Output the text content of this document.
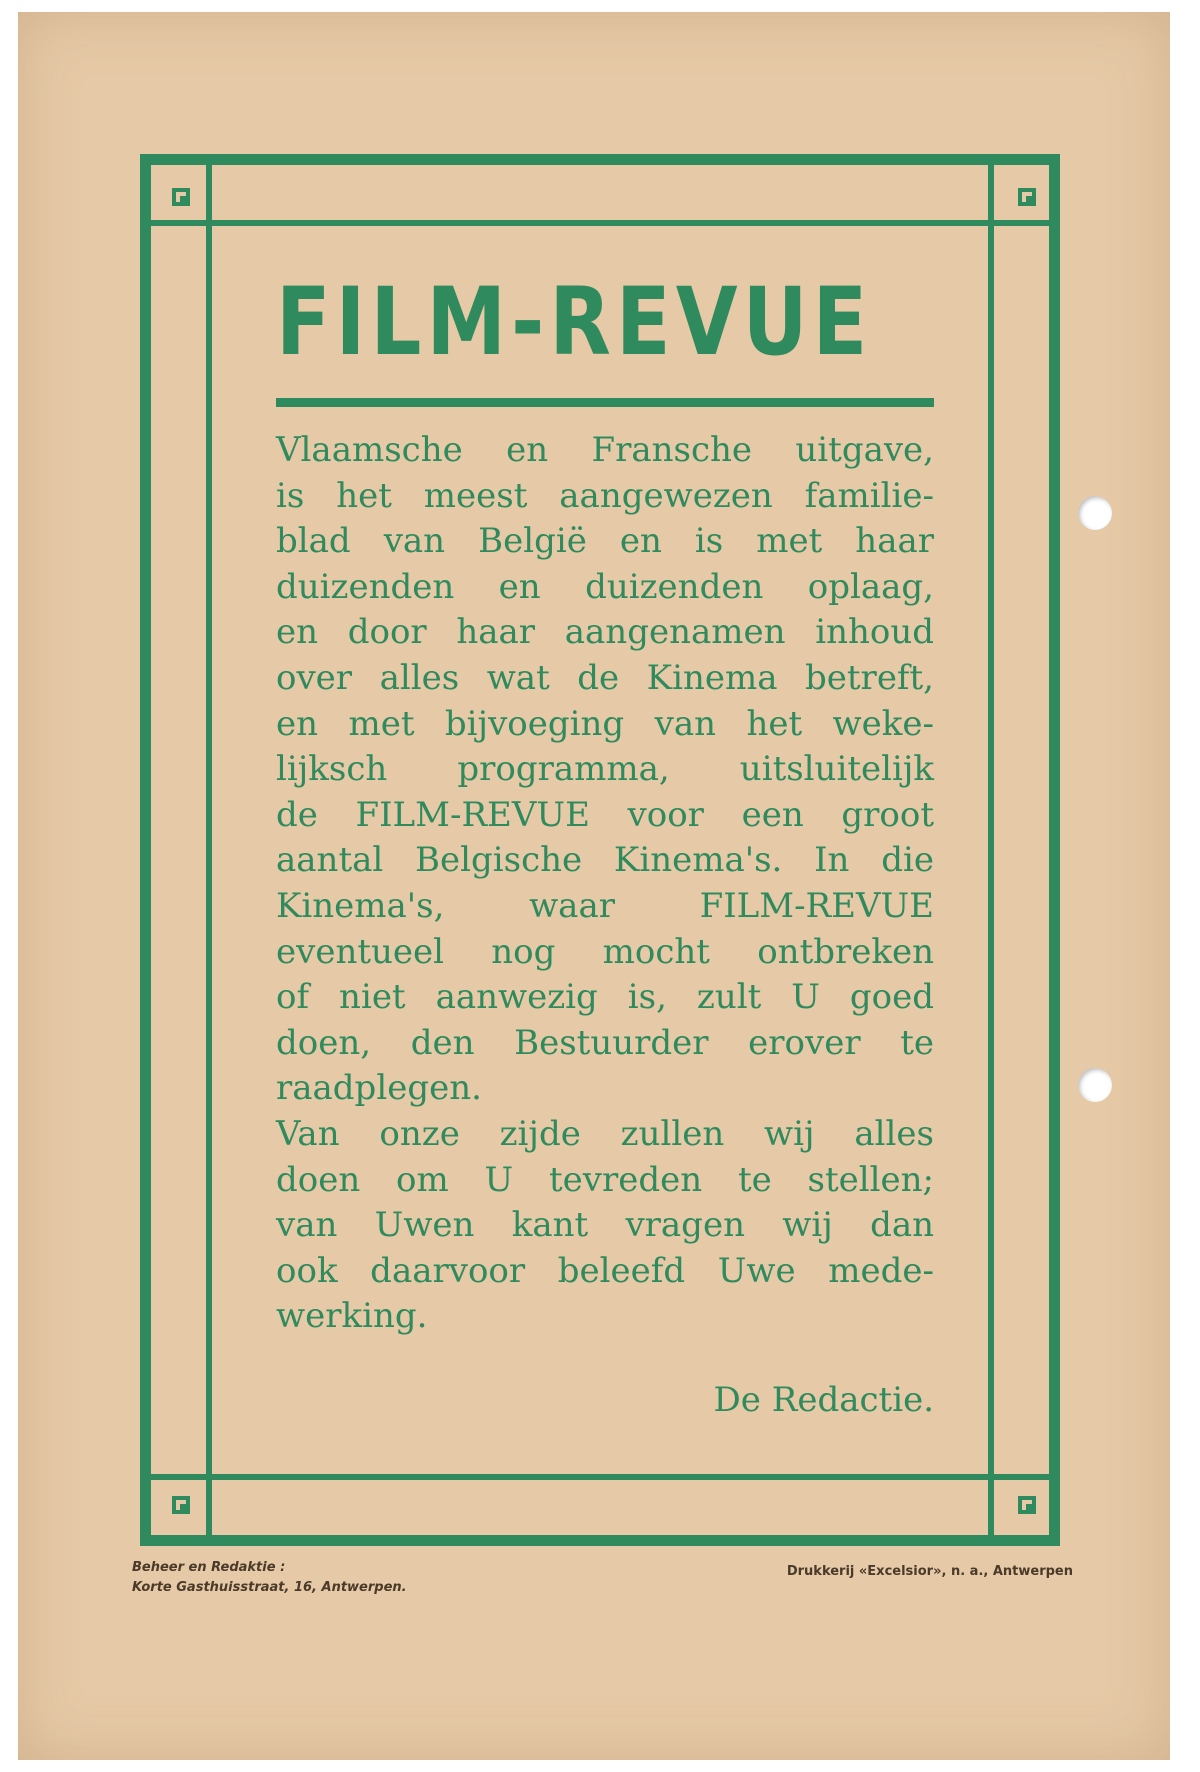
FILM-REVUE

Vlaamsche en Fransche uitgave,

is het meest aangewezen familie-

blad van België en is met haar

duizenden en duizenden oplaag,

en door haar aangenamen inhoud

over alles wat de Kinema betreft,

en met bijvoeging van het weke-

lijksch programma, uitsluitelijk

de FILM-REVUE voor een groot

aantal Belgische Kinema's. In die

Kinema's, waar FILM-REVUE

eventueel nog mocht ontbreken

of niet aanwezig is, zult U goed

doen, den Bestuurder erover te

raadplegen.

Van onze zijde zullen wij alles

doen om U tevreden te stellen;

van Uwen kant vragen wij dan

ook daarvoor beleefd Uwe mede-

werking.

De Redactie.
Beheer en Redaktie :
Korte Gasthuisstraat, 16, Antwerpen.
Drukkerij «Excelsior», n. a., Antwerpen
